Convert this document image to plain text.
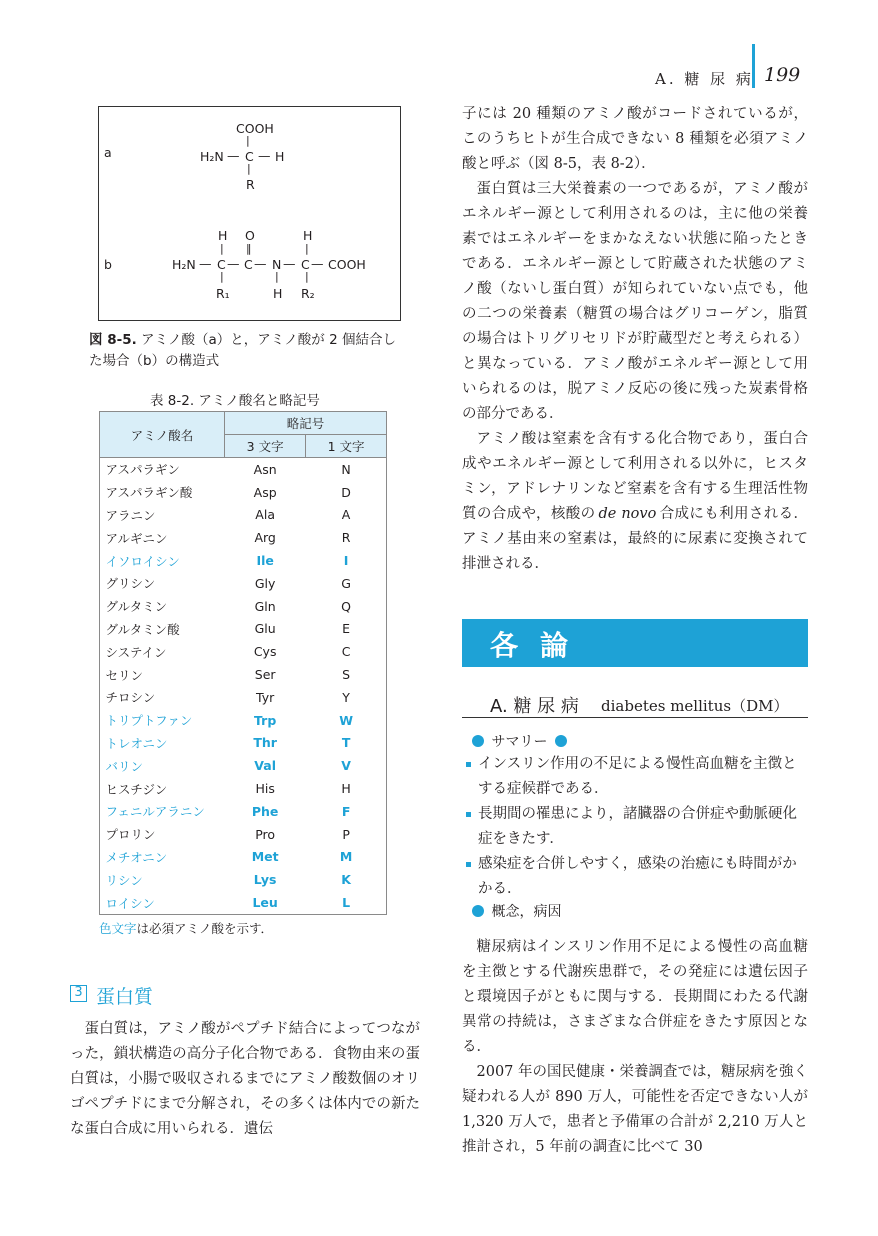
A. 糖 尿 病 199
a
b
COOH
|
H₂N — C — H
|
R
H O	H
| ‖	|
H₂N — C — C — N — C — COOH
|	| |
R₁	H R₂
図 8-5. アミノ酸（a）と，アミノ酸が 2 個結合した場合（b）の構造式
表 8-2. アミノ酸名と略記号
アミノ酸名	略記号	
	3 文字	1 文字
アスパラギン	Asn	N
アスパラギン酸	Asp	D
アラニン	Ala	A
アルギニン	Arg	R
イソロイシン	Ile	I
グリシン	Gly	G
グルタミン	Gln	Q
グルタミン酸	Glu	E
システイン	Cys	C
セリン	Ser	S
チロシン	Tyr	Y
トリプトファン	Trp	W
トレオニン	Thr	T
バリン	Val	V
ヒスチジン	His	H
フェニルアラニン	Phe	F
プロリン	Pro	P
メチオニン	Met	M
リシン	Lys	K
ロイシン	Leu	L
色文字は必須アミノ酸を示す．
3 蛋白質
蛋白質は，アミノ酸がペプチド結合によってつながった，鎖状構造の高分子化合物である．食物由来の蛋白質は，小腸で吸収されるまでにアミノ酸数個のオリゴペプチドにまで分解され，その多くは体内での新たな蛋白合成に用いられる．遺伝
子には 20 種類のアミノ酸がコードされているが，このうちヒトが生合成できない 8 種類を必須アミノ酸と呼ぶ（図 8-5，表 8-2）．
蛋白質は三大栄養素の一つであるが，アミノ酸がエネルギー源として利用されるのは，主に他の栄養素ではエネルギーをまかなえない状態に陥ったときである．エネルギー源として貯蔵された状態のアミノ酸（ないし蛋白質）が知られていない点でも，他の二つの栄養素（糖質の場合はグリコーゲン，脂質の場合はトリグリセリドが貯蔵型だと考えられる）と異なっている．アミノ酸がエネルギー源として用いられるのは，脱アミノ反応の後に残った炭素骨格の部分である．
アミノ酸は窒素を含有する化合物であり，蛋白合成やエネルギー源として利用される以外に，ヒスタミン，アドレナリンなど窒素を含有する生理活性物質の合成や，核酸の de novo 合成にも利用される．アミノ基由来の窒素は，最終的に尿素に変換されて排泄される．
各論
A. 糖 尿 病 diabetes mellitus（DM）
サマリー
インスリン作用の不足による慢性高血糖を主徴とする症候群である．
長期間の罹患により，諸臓器の合併症や動脈硬化症をきたす．
感染症を合併しやすく，感染の治癒にも時間がかかる．
概念，病因
糖尿病はインスリン作用不足による慢性の高血糖を主徴とする代謝疾患群で，その発症には遺伝因子と環境因子がともに関与する．長期間にわたる代謝異常の持続は，さまざまな合併症をきたす原因となる．
2007 年の国民健康・栄養調査では，糖尿病を強く疑われる人が 890 万人，可能性を否定できない人が 1,320 万人で，患者と予備軍の合計が 2,210 万人と推計され，5 年前の調査に比べて 30
